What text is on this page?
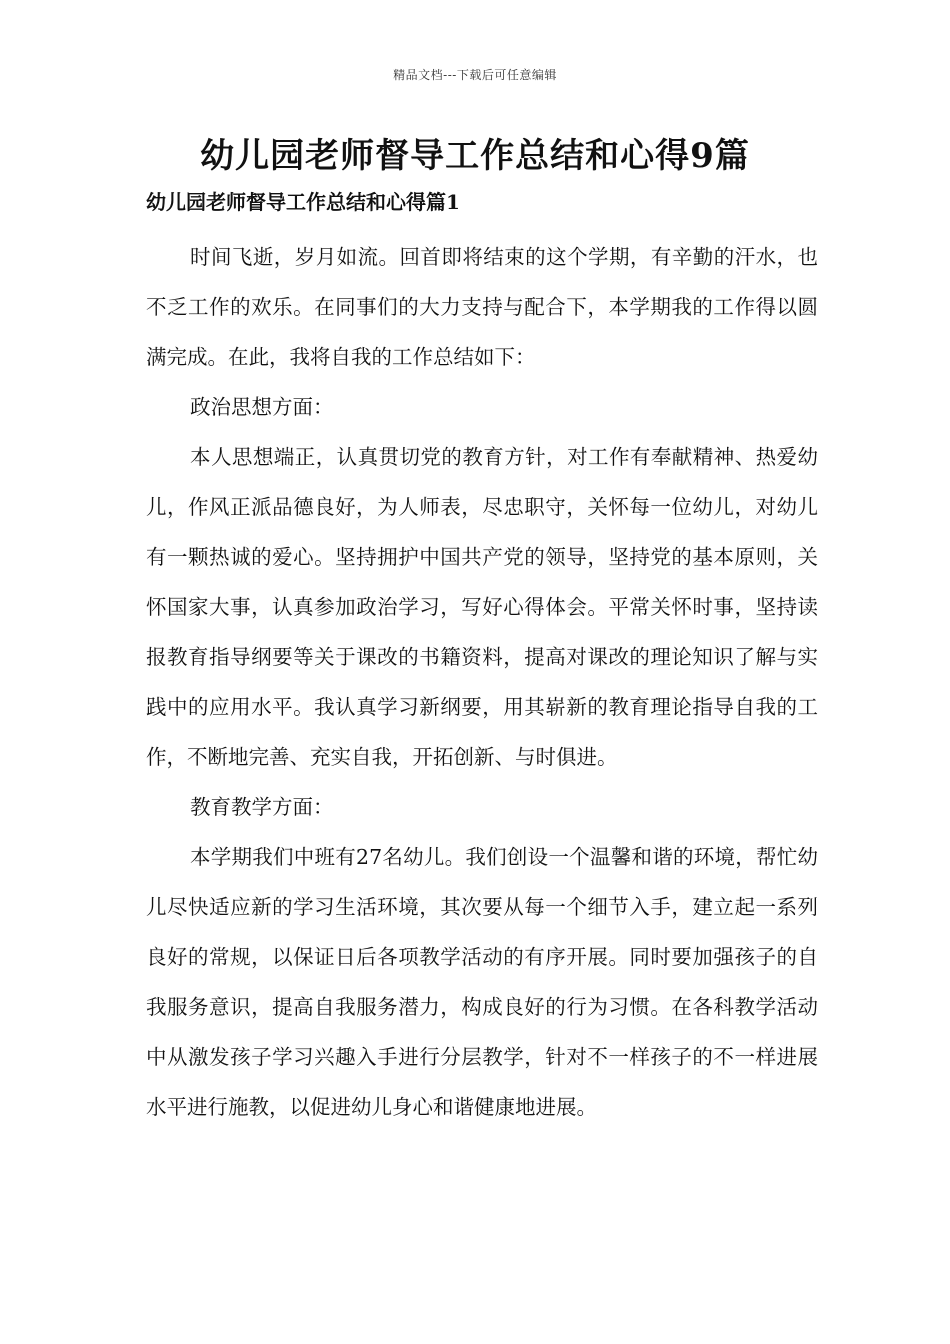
精品文档---下载后可任意编辑
幼儿园老师督导工作总结和心得9篇
幼儿园老师督导工作总结和心得篇1

时间飞逝，岁月如流。回首即将结束的这个学期，有辛勤的汗水，也不乏工作的欢乐。在同事们的大力支持与配合下，本学期我的工作得以圆满完成。在此，我将自我的工作总结如下：

政治思想方面：

本人思想端正，认真贯切党的教育方针，对工作有奉献精神、热爱幼儿，作风正派品德良好，为人师表，尽忠职守，关怀每一位幼儿，对幼儿有一颗热诚的爱心。坚持拥护中国共产党的领导，坚持党的基本原则，关怀国家大事，认真参加政治学习，写好心得体会。平常关怀时事，坚持读报教育指导纲要等关于课改的书籍资料，提高对课改的理论知识了解与实践中的应用水平。我认真学习新纲要，用其崭新的教育理论指导自我的工作，不断地完善、充实自我，开拓创新、与时俱进。

教育教学方面：

本学期我们中班有27名幼儿。我们创设一个温馨和谐的环境，帮忙幼儿尽快适应新的学习生活环境，其次要从每一个细节入手，建立起一系列良好的常规，以保证日后各项教学活动的有序开展。同时要加强孩子的自我服务意识，提高自我服务潜力，构成良好的行为习惯。在各科教学活动中从激发孩子学习兴趣入手进行分层教学，针对不一样孩子的不一样进展水平进行施教，以促进幼儿身心和谐健康地进展。
